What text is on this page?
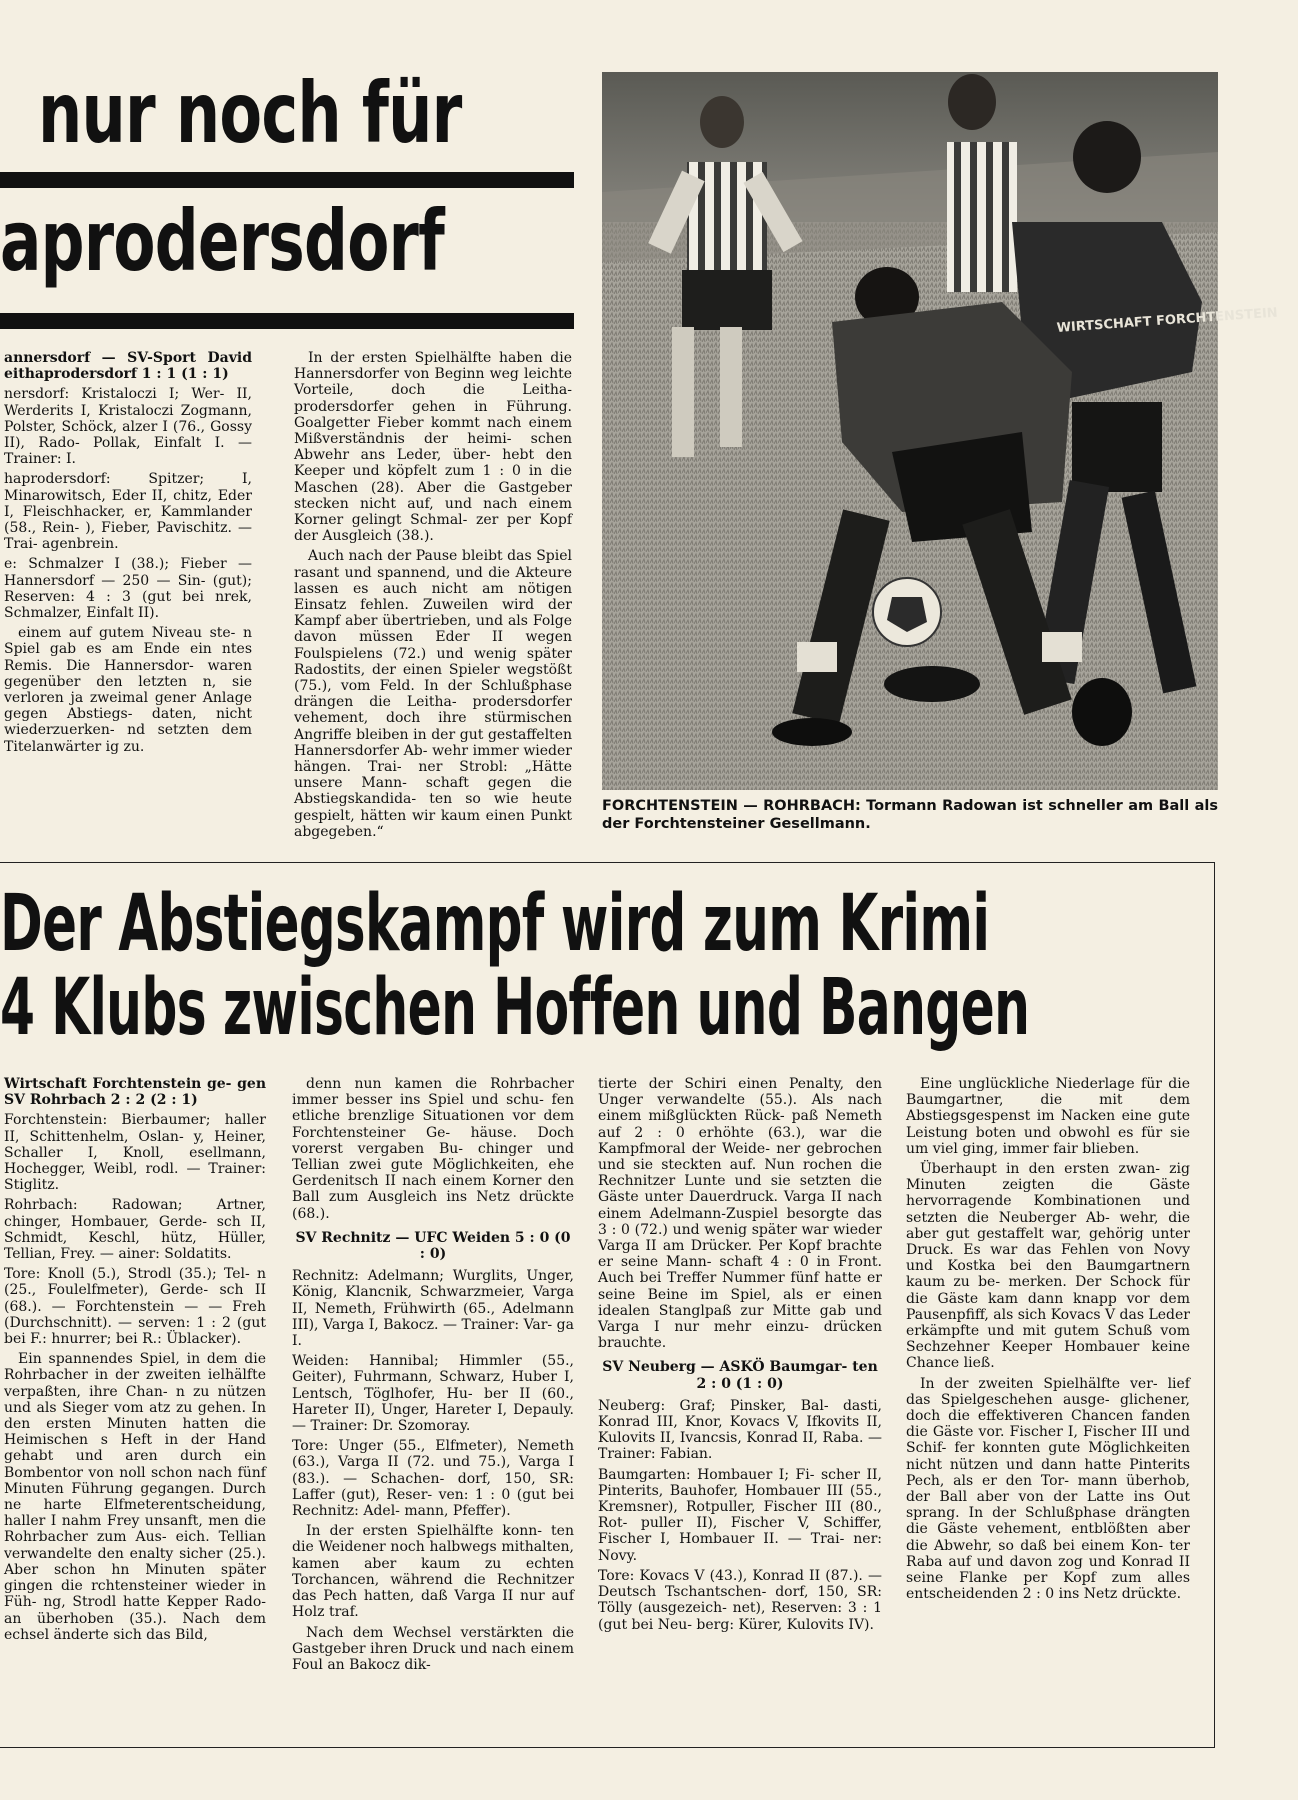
nur noch für
aprodersdorf

annersdorf — SV-Sport David eithaprodersdorf 1 : 1 (1 : 1)

nersdorf: Kristaloczi I; Wer- II, Werderits I, Kristaloczi Zogmann, Polster, Schöck, alzer I (76., Gossy II), Rado- Pollak, Einfalt I. — Trainer: I.

haprodersdorf: Spitzer; I, Minarowitsch, Eder II, chitz, Eder I, Fleischhacker, er, Kammlander (58., Rein- ), Fieber, Pavischitz. — Trai- agenbrein.

e: Schmalzer I (38.); Fieber — Hannersdorf — 250 — Sin- (gut); Reserven: 4 : 3 (gut bei nrek, Schmalzer, Einfalt II).

einem auf gutem Niveau ste- n Spiel gab es am Ende ein ntes Remis. Die Hannersdor- waren gegenüber den letzten n, sie verloren ja zweimal gener Anlage gegen Abstiegs- daten, nicht wiederzuerken- nd setzten dem Titelanwärter ig zu.

In der ersten Spielhälfte haben die Hannersdorfer von Beginn weg leichte Vorteile, doch die Leitha- prodersdorfer gehen in Führung. Goalgetter Fieber kommt nach einem Mißverständnis der heimi- schen Abwehr ans Leder, über- hebt den Keeper und köpfelt zum 1 : 0 in die Maschen (28). Aber die Gastgeber stecken nicht auf, und nach einem Korner gelingt Schmal- zer per Kopf der Ausgleich (38.).

Auch nach der Pause bleibt das Spiel rasant und spannend, und die Akteure lassen es auch nicht am nötigen Einsatz fehlen. Zuweilen wird der Kampf aber übertrieben, und als Folge davon müssen Eder II wegen Foulspielens (72.) und wenig später Radostits, der einen Spieler wegstößt (75.), vom Feld. In der Schlußphase drängen die Leitha- prodersdorfer vehement, doch ihre stürmischen Angriffe bleiben in der gut gestaffelten Hannersdorfer Ab- wehr immer wieder hängen. Trai- ner Strobl: „Hätte unsere Mann- schaft gegen die Abstiegskandida- ten so wie heute gespielt, hätten wir kaum einen Punkt abgegeben.“

WIRTSCHAFT FORCHTENSTEIN
FORCHTENSTEIN — ROHRBACH: Tormann Radowan ist schneller am Ball als der Forchtensteiner Gesellmann.
Der Abstiegskampf wird zum Krimi
4 Klubs zwischen Hoffen und Bangen

Wirtschaft Forchtenstein ge- gen SV Rohrbach 2 : 2 (2 : 1)

Forchtenstein: Bierbaumer; haller II, Schittenhelm, Oslan- y, Heiner, Schaller I, Knoll, esellmann, Hochegger, Weibl, rodl. — Trainer: Stiglitz.

Rohrbach: Radowan; Artner, chinger, Hombauer, Gerde- sch II, Schmidt, Keschl, hütz, Hüller, Tellian, Frey. — ainer: Soldatits.

Tore: Knoll (5.), Strodl (35.); Tel- n (25., Foulelfmeter), Gerde- sch II (68.). — Forchtenstein — — Freh (Durchschnitt). — serven: 1 : 2 (gut bei F.: hnurrer; bei R.: Üblacker).

Ein spannendes Spiel, in dem die Rohrbacher in der zweiten ielhälfte verpaßten, ihre Chan- n zu nützen und als Sieger vom atz zu gehen. In den ersten Minuten hatten die Heimischen s Heft in der Hand gehabt und aren durch ein Bombentor von noll schon nach fünf Minuten Führung gegangen. Durch ne harte Elfmeterentscheidung, haller I nahm Frey unsanft, men die Rohrbacher zum Aus- eich. Tellian verwandelte den enalty sicher (25.). Aber schon hn Minuten später gingen die rchtensteiner wieder in Füh- ng, Strodl hatte Kepper Rado- an überhoben (35.). Nach dem echsel änderte sich das Bild,

denn nun kamen die Rohrbacher immer besser ins Spiel und schu- fen etliche brenzlige Situationen vor dem Forchtensteiner Ge- häuse. Doch vorerst vergaben Bu- chinger und Tellian zwei gute Möglichkeiten, ehe Gerdenitsch II nach einem Korner den Ball zum Ausgleich ins Netz drückte (68.).

SV Rechnitz — UFC Weiden 5 : 0 (0 : 0)

Rechnitz: Adelmann; Wurglits, Unger, König, Klancnik, Schwarzmeier, Varga II, Nemeth, Frühwirth (65., Adelmann III), Varga I, Bakocz. — Trainer: Var- ga I.

Weiden: Hannibal; Himmler (55., Geiter), Fuhrmann, Schwarz, Huber I, Lentsch, Töglhofer, Hu- ber II (60., Hareter II), Unger, Hareter I, Depauly. — Trainer: Dr. Szomoray.

Tore: Unger (55., Elfmeter), Nemeth (63.), Varga II (72. und 75.), Varga I (83.). — Schachen- dorf, 150, SR: Laffer (gut), Reser- ven: 1 : 0 (gut bei Rechnitz: Adel- mann, Pfeffer).

In der ersten Spielhälfte konn- ten die Weidener noch halbwegs mithalten, kamen aber kaum zu echten Torchancen, während die Rechnitzer das Pech hatten, daß Varga II nur auf Holz traf.

Nach dem Wechsel verstärkten die Gastgeber ihren Druck und nach einem Foul an Bakocz dik-

tierte der Schiri einen Penalty, den Unger verwandelte (55.). Als nach einem mißglückten Rück- paß Nemeth auf 2 : 0 erhöhte (63.), war die Kampfmoral der Weide- ner gebrochen und sie steckten auf. Nun rochen die Rechnitzer Lunte und sie setzten die Gäste unter Dauerdruck. Varga II nach einem Adelmann-Zuspiel besorgte das 3 : 0 (72.) und wenig später war wieder Varga II am Drücker. Per Kopf brachte er seine Mann- schaft 4 : 0 in Front. Auch bei Treffer Nummer fünf hatte er seine Beine im Spiel, als er einen idealen Stanglpaß zur Mitte gab und Varga I nur mehr einzu- drücken brauchte.

SV Neuberg — ASKÖ Baumgar- ten 2 : 0 (1 : 0)

Neuberg: Graf; Pinsker, Bal- dasti, Konrad III, Knor, Kovacs V, Ifkovits II, Kulovits II, Ivancsis, Konrad II, Raba. — Trainer: Fabian.

Baumgarten: Hombauer I; Fi- scher II, Pinterits, Bauhofer, Hombauer III (55., Kremsner), Rotpuller, Fischer III (80., Rot- puller II), Fischer V, Schiffer, Fischer I, Hombauer II. — Trai- ner: Novy.

Tore: Kovacs V (43.), Konrad II (87.). — Deutsch Tschantschen- dorf, 150, SR: Tölly (ausgezeich- net), Reserven: 3 : 1 (gut bei Neu- berg: Kürer, Kulovits IV).

Eine unglückliche Niederlage für die Baumgartner, die mit dem Abstiegsgespenst im Nacken eine gute Leistung boten und obwohl es für sie um viel ging, immer fair blieben.

Überhaupt in den ersten zwan- zig Minuten zeigten die Gäste hervorragende Kombinationen und setzten die Neuberger Ab- wehr, die aber gut gestaffelt war, gehörig unter Druck. Es war das Fehlen von Novy und Kostka bei den Baumgartnern kaum zu be- merken. Der Schock für die Gäste kam dann knapp vor dem Pausenpfiff, als sich Kovacs V das Leder erkämpfte und mit gutem Schuß vom Sechzehner Keeper Hombauer keine Chance ließ.

In der zweiten Spielhälfte ver- lief das Spielgeschehen ausge- glichener, doch die effektiveren Chancen fanden die Gäste vor. Fischer I, Fischer III und Schif- fer konnten gute Möglichkeiten nicht nützen und dann hatte Pinterits Pech, als er den Tor- mann überhob, der Ball aber von der Latte ins Out sprang. In der Schlußphase drängten die Gäste vehement, entblößten aber die Abwehr, so daß bei einem Kon- ter Raba auf und davon zog und Konrad II seine Flanke per Kopf zum alles entscheidenden 2 : 0 ins Netz drückte.
